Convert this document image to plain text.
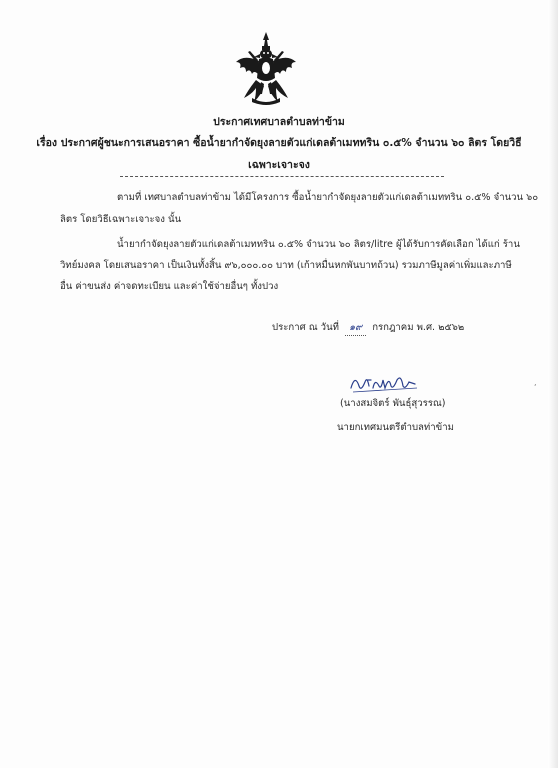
ประกาศเทศบาลตำบลท่าข้าม
เรื่อง ประกาศผู้ชนะการเสนอราคา ซื้อน้ำยากำจัดยุงลายตัวแก่เดลต้าเมททริน ๐.๕% จำนวน ๖๐ ลิตร โดยวิธี
เฉพาะเจาะจง
ตามที่ เทศบาลตำบลท่าข้าม ได้มีโครงการ ซื้อน้ำยากำจัดยุงลายตัวแก่เดลต้าเมททริน ๐.๕% จำนวน ๖๐
ลิตร โดยวิธีเฉพาะเจาะจง นั้น
น้ำยากำจัดยุงลายตัวแก่เดลต้าเมททริน ๐.๕% จำนวน ๖๐ ลิตร/litre ผู้ได้รับการคัดเลือก ได้แก่ ร้าน
วิทย์มงคล โดยเสนอราคา เป็นเงินทั้งสิ้น ๙๖,๐๐๐.๐๐ บาท (เก้าหมื่นหกพันบาทถ้วน) รวมภาษีมูลค่าเพิ่มและภาษี
อื่น ค่าขนส่ง ค่าจดทะเบียน และค่าใช้จ่ายอื่นๆ ทั้งปวง
ประกาศ ณ วันที่ ๑๙ กรกฎาคม พ.ศ. ๒๕๖๒
(นางสมจิตร์ พันธุ์สุวรรณ)
นายกเทศมนตรีตำบลท่าข้าม
,
